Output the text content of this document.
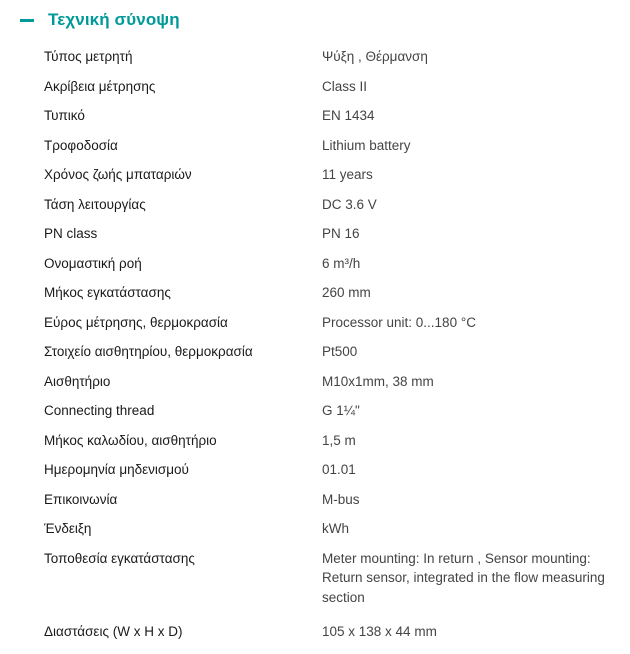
Τεχνική σύνοψη
Τύπος μετρητή	Ψύξη , Θέρμανση
Ακρίβεια μέτρησης	Class II
Τυπικό	EN 1434
Τροφοδοσία	Lithium battery
Χρόνος ζωής μπαταριών	11 years
Τάση λειτουργίας	DC 3.6 V
PN class	PN 16
Ονομαστική ροή	6 m³/h
Μήκος εγκατάστασης	260 mm
Εύρος μέτρησης, θερμοκρασία	Processor unit: 0...180 °C
Στοιχείο αισθητηρίου, θερμοκρασία	Pt500
Αισθητήριο	M10x1mm, 38 mm
Connecting thread	G 1¼"
Μήκος καλωδίου, αισθητήριο	1,5 m
Ημερομηνία μηδενισμού	01.01
Επικοινωνία	M-bus
Ένδειξη	kWh
Τοποθεσία εγκατάστασης	Meter mounting: In return , Sensor mounting: Return sensor, integrated in the flow measuring section
Διαστάσεις (W x H x D)	105 x 138 x 44 mm
